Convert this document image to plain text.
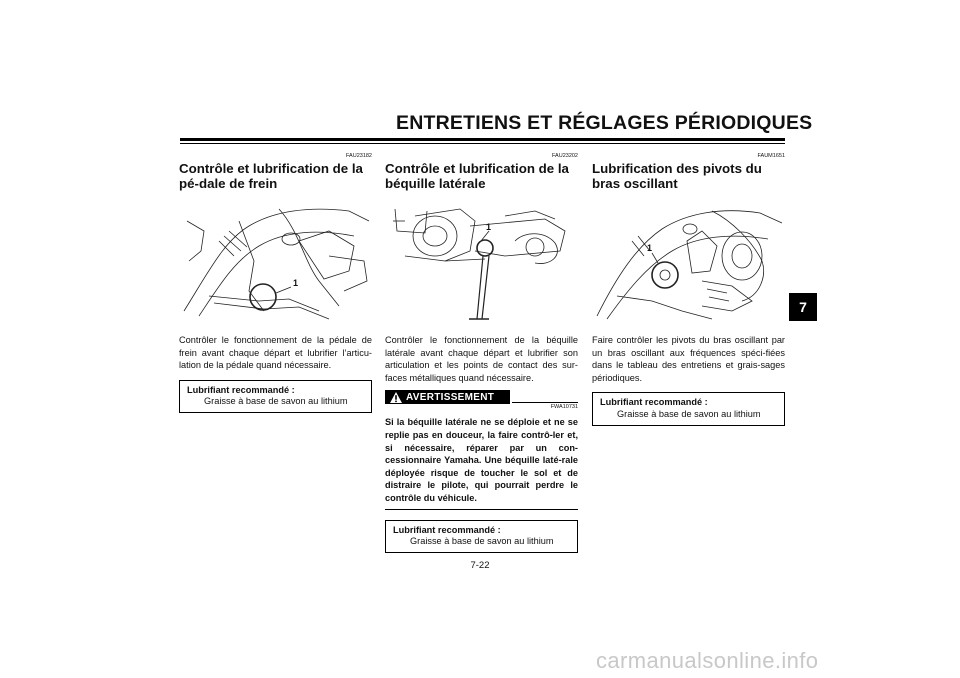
ENTRETIENS ET RÉGLAGES PÉRIODIQUES
FAU23182
Contrôle et lubrification de la pé-dale de frein
1
Contrôler le fonctionnement de la pédale de frein avant chaque départ et lubrifier l’articu-lation de la pédale quand nécessaire.
Lubrifiant recommandé :
Graisse à base de savon au lithium
FAU23202
Contrôle et lubrification de la béquille latérale
1
Contrôler le fonctionnement de la béquille latérale avant chaque départ et lubrifier son articulation et les points de contact des sur-faces métalliques quand nécessaire.
AVERTISSEMENT
FWA10731
Si la béquille latérale ne se déploie et ne se replie pas en douceur, la faire contrô-ler et, si nécessaire, réparer par un con-cessionnaire Yamaha. Une béquille laté-rale déployée risque de toucher le sol et de distraire le pilote, qui pourrait perdre le contrôle du véhicule.
Lubrifiant recommandé :
Graisse à base de savon au lithium
FAUM1651
Lubrification des pivots du bras oscillant
1
Faire contrôler les pivots du bras oscillant par un bras oscillant aux fréquences spéci-fiées dans le tableau des entretiens et grais-sages périodiques.
Lubrifiant recommandé :
Graisse à base de savon au lithium
7
7-22
carmanualsonline.info
